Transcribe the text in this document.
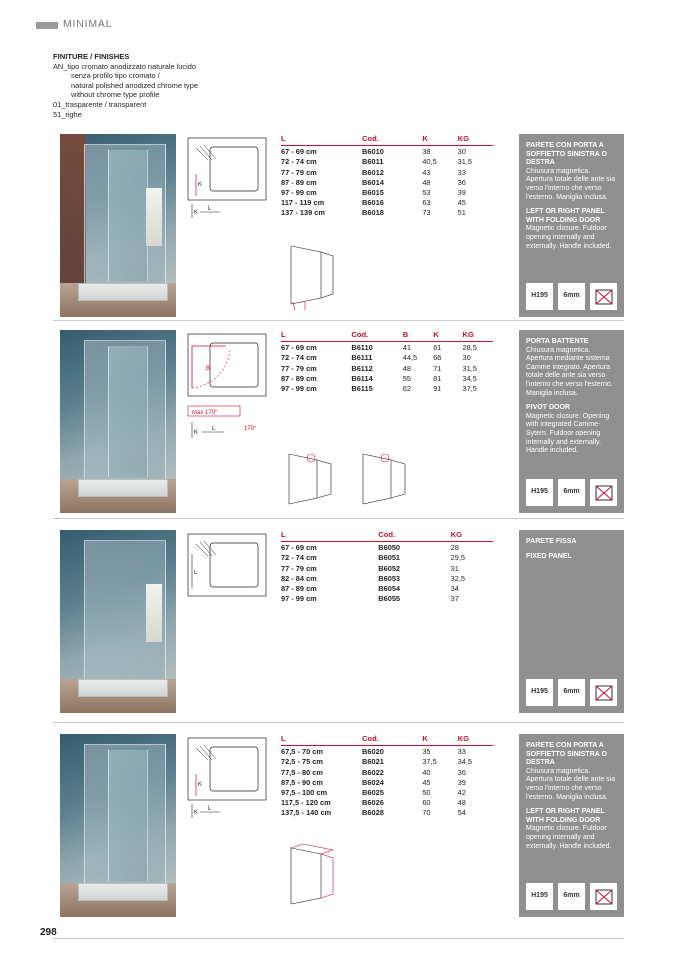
MINIMAL
FINITURE / FINISHES
AN_tipo cromato anodizzato naturale lucido
senza profilo tipo cromato /
natural polished anodized chrome type
without chrome type profile
01_trasparente / transparent
51_righe
K
K
L
L	Cod.	K	KG
67 - 69 cm	B6010	38	30
72 - 74 cm	B6011	40,5	31,5
77 - 79 cm	B6012	43	33
87 - 89 cm	B6014	48	36
97 - 99 cm	B6015	53	39
117 - 119 cm	B6016	63	45
137 - 139 cm	B6018	73	51
PARETE CON PORTA A SOFFIETTO SINISTRA O DESTRA
Chiusura magnetica. Apertura totale delle ante sia verso l'interno che verso l'esterno. Maniglia inclusa.
LEFT OR RIGHT PANEL WITH FOLDING DOOR
Magnetic closure. Fuldoor opening internally and externally. Handle included.
H195	6mm
B
max 170°
K
L	170°
L	Cod.	B	K	KG
67 - 69 cm	B6110	41	61	28,5
72 - 74 cm	B6111	44,5	66	30
77 - 79 cm	B6112	48	71	31,5
87 - 89 cm	B6114	55	81	34,5
97 - 99 cm	B6115	62	91	37,5
PORTA BATTENTE
Chiusura magnetica. Apertura mediante sistema Camme integrato. Apertura totale delle ante sia verso l'interno che verso l'esterno. Maniglia inclusa.
PIVOT DOOR
Magnetic closure. Opening with integrated Camme-Sytem. Fuldoor opening internally and externally. Handle included.
H195	6mm
L
L	Cod.	KG
67 - 69 cm	B6050	28
72 - 74 cm	B6051	29,5
77 - 79 cm	B6052	31
82 - 84 cm	B6053	32,5
87 - 89 cm	B6054	34
97 - 99 cm	B6055	37
PARETE FISSA
FIXED PANEL
H195	6mm
K
K
L
L	Cod.	K	KG
67,5 - 70 cm	B6020	35	33
72,5 - 75 cm	B6021	37,5	34,5
77,5 - 80 cm	B6022	40	36
87,5 - 90 cm	B6024	45	39
97,5 - 100 cm	B6025	50	42
117,5 - 120 cm	B6026	60	48
137,5 - 140 cm	B6028	70	54
PARETE CON PORTA A SOFFIETTO SINISTRA O DESTRA
Chiusura magnetica. Apertura totale delle ante sia verso l'interno che verso l'esterno. Maniglia inclusa.
LEFT OR RIGHT PANEL WITH FOLDING DOOR
Magnetic closure. Fuldoor opening internally and externally. Handle included.
H195	6mm
298
